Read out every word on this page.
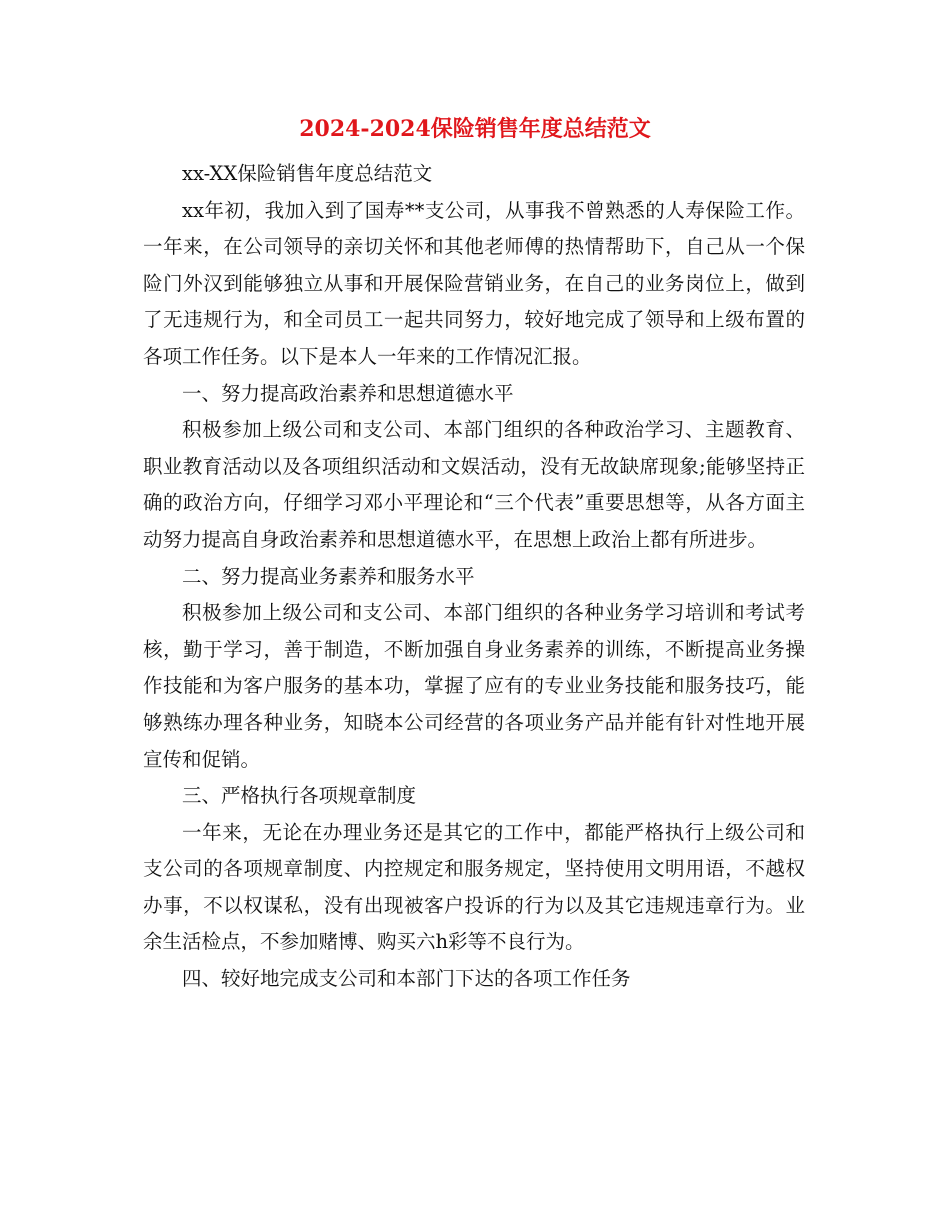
2024-2024保险销售年度总结范文

xx-XX保险销售年度总结范文

xx年初，我加入到了国寿**支公司，从事我不曾熟悉的人寿保险工作。一年来，在公司领导的亲切关怀和其他老师傅的热情帮助下，自己从一个保险门外汉到能够独立从事和开展保险营销业务，在自己的业务岗位上，做到了无违规行为，和全司员工一起共同努力，较好地完成了领导和上级布置的各项工作任务。以下是本人一年来的工作情况汇报。

一、努力提高政治素养和思想道德水平

积极参加上级公司和支公司、本部门组织的各种政治学习、主题教育、职业教育活动以及各项组织活动和文娱活动，没有无故缺席现象;能够坚持正确的政治方向，仔细学习邓小平理论和“三个代表”重要思想等，从各方面主动努力提高自身政治素养和思想道德水平，在思想上政治上都有所进步。

二、努力提高业务素养和服务水平

积极参加上级公司和支公司、本部门组织的各种业务学习培训和考试考核，勤于学习，善于制造，不断加强自身业务素养的训练，不断提高业务操作技能和为客户服务的基本功，掌握了应有的专业业务技能和服务技巧，能够熟练办理各种业务，知晓本公司经营的各项业务产品并能有针对性地开展宣传和促销。

三、严格执行各项规章制度

一年来，无论在办理业务还是其它的工作中，都能严格执行上级公司和支公司的各项规章制度、内控规定和服务规定，坚持使用文明用语，不越权办事，不以权谋私，没有出现被客户投诉的行为以及其它违规违章行为。业余生活检点，不参加赌博、购买六h彩等不良行为。

四、较好地完成支公司和本部门下达的各项工作任务
